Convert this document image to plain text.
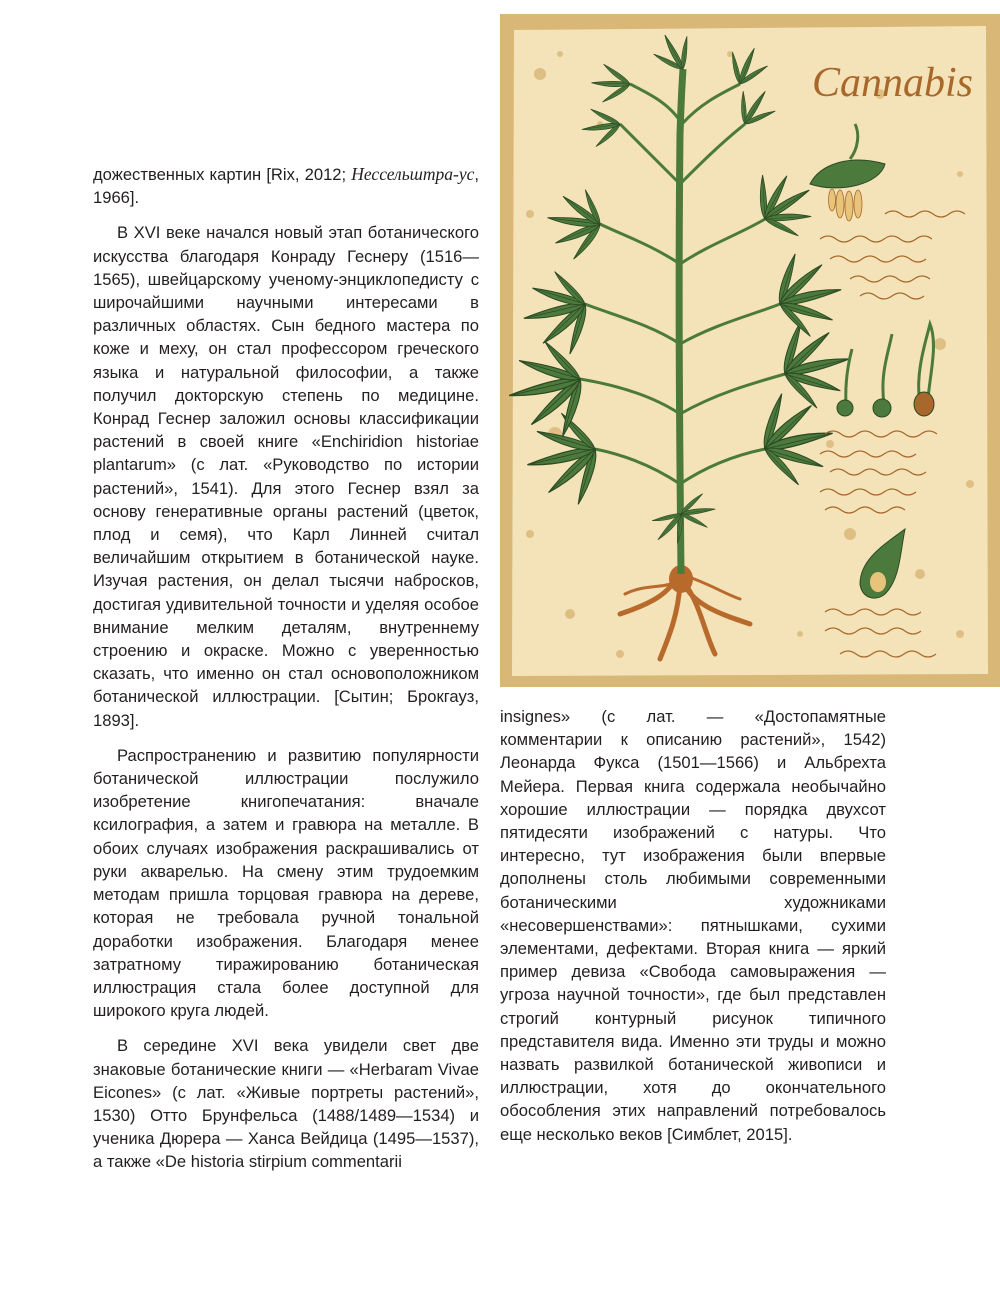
дожественных картин [Rix, 2012; Нессельштра-ус, 1966].

В XVI веке начался новый этап ботанического искусства благодаря Конраду Геснеру (1516—1565), швейцарскому ученому-энциклопедисту с широчайшими научными интересами в различных областях. Сын бедного мастера по коже и меху, он стал профессором греческого языка и натуральной философии, а также получил докторскую степень по медицине. Конрад Геснер заложил основы классификации растений в своей книге «Enchiridion historiae plantarum» (с лат. «Руководство по истории растений», 1541). Для этого Геснер взял за основу генеративные органы растений (цветок, плод и семя), что Карл Линней считал величайшим открытием в ботанической науке. Изучая растения, он делал тысячи набросков, достигая удивительной точности и уделяя особое внимание мелким деталям, внутреннему строению и окраске. Можно с уверенностью сказать, что именно он стал основоположником ботанической иллюстрации. [Сытин; Брокгауз, 1893].

Распространению и развитию популярности ботанической иллюстрации послужило изобретение книгопечатания: вначале ксилография, а затем и гравюра на металле. В обоих случаях изображения раскрашивались от руки акварелью. На смену этим трудоемким методам пришла торцовая гравюра на дереве, которая не требовала ручной тональной доработки изображения. Благодаря менее затратному тиражированию ботаническая иллюстрация стала более доступной для широкого круга людей.

В середине XVI века увидели свет две знаковые ботанические книги — «Herbaram Vivae Eicones» (с лат. «Живые портреты растений», 1530) Отто Брунфельса (1488/1489—1534) и ученика Дюрера — Ханса Вейдица (1495—1537), а также «De historia stirpium commentarii

insignes» (с лат. — «Достопамятные комментарии к описанию растений», 1542) Леонарда Фукса (1501—1566) и Альбрехта Мейера. Первая книга содержала необычайно хорошие иллюстрации — порядка двухсот пятидесяти изображений с натуры. Что интересно, тут изображения были впервые дополнены столь любимыми современными ботаническими художниками «несовершенствами»: пятнышками, сухими элементами, дефектами. Вторая книга — яркий пример девиза «Свобода самовыражения — угроза научной точности», где был представлен строгий контурный рисунок типичного представителя вида. Именно эти труды и можно назвать развилкой ботанической живописи и иллюстрации, хотя до окончательного обособления этих направлений потребовалось еще несколько веков [Симблет, 2015].

Cannabis
